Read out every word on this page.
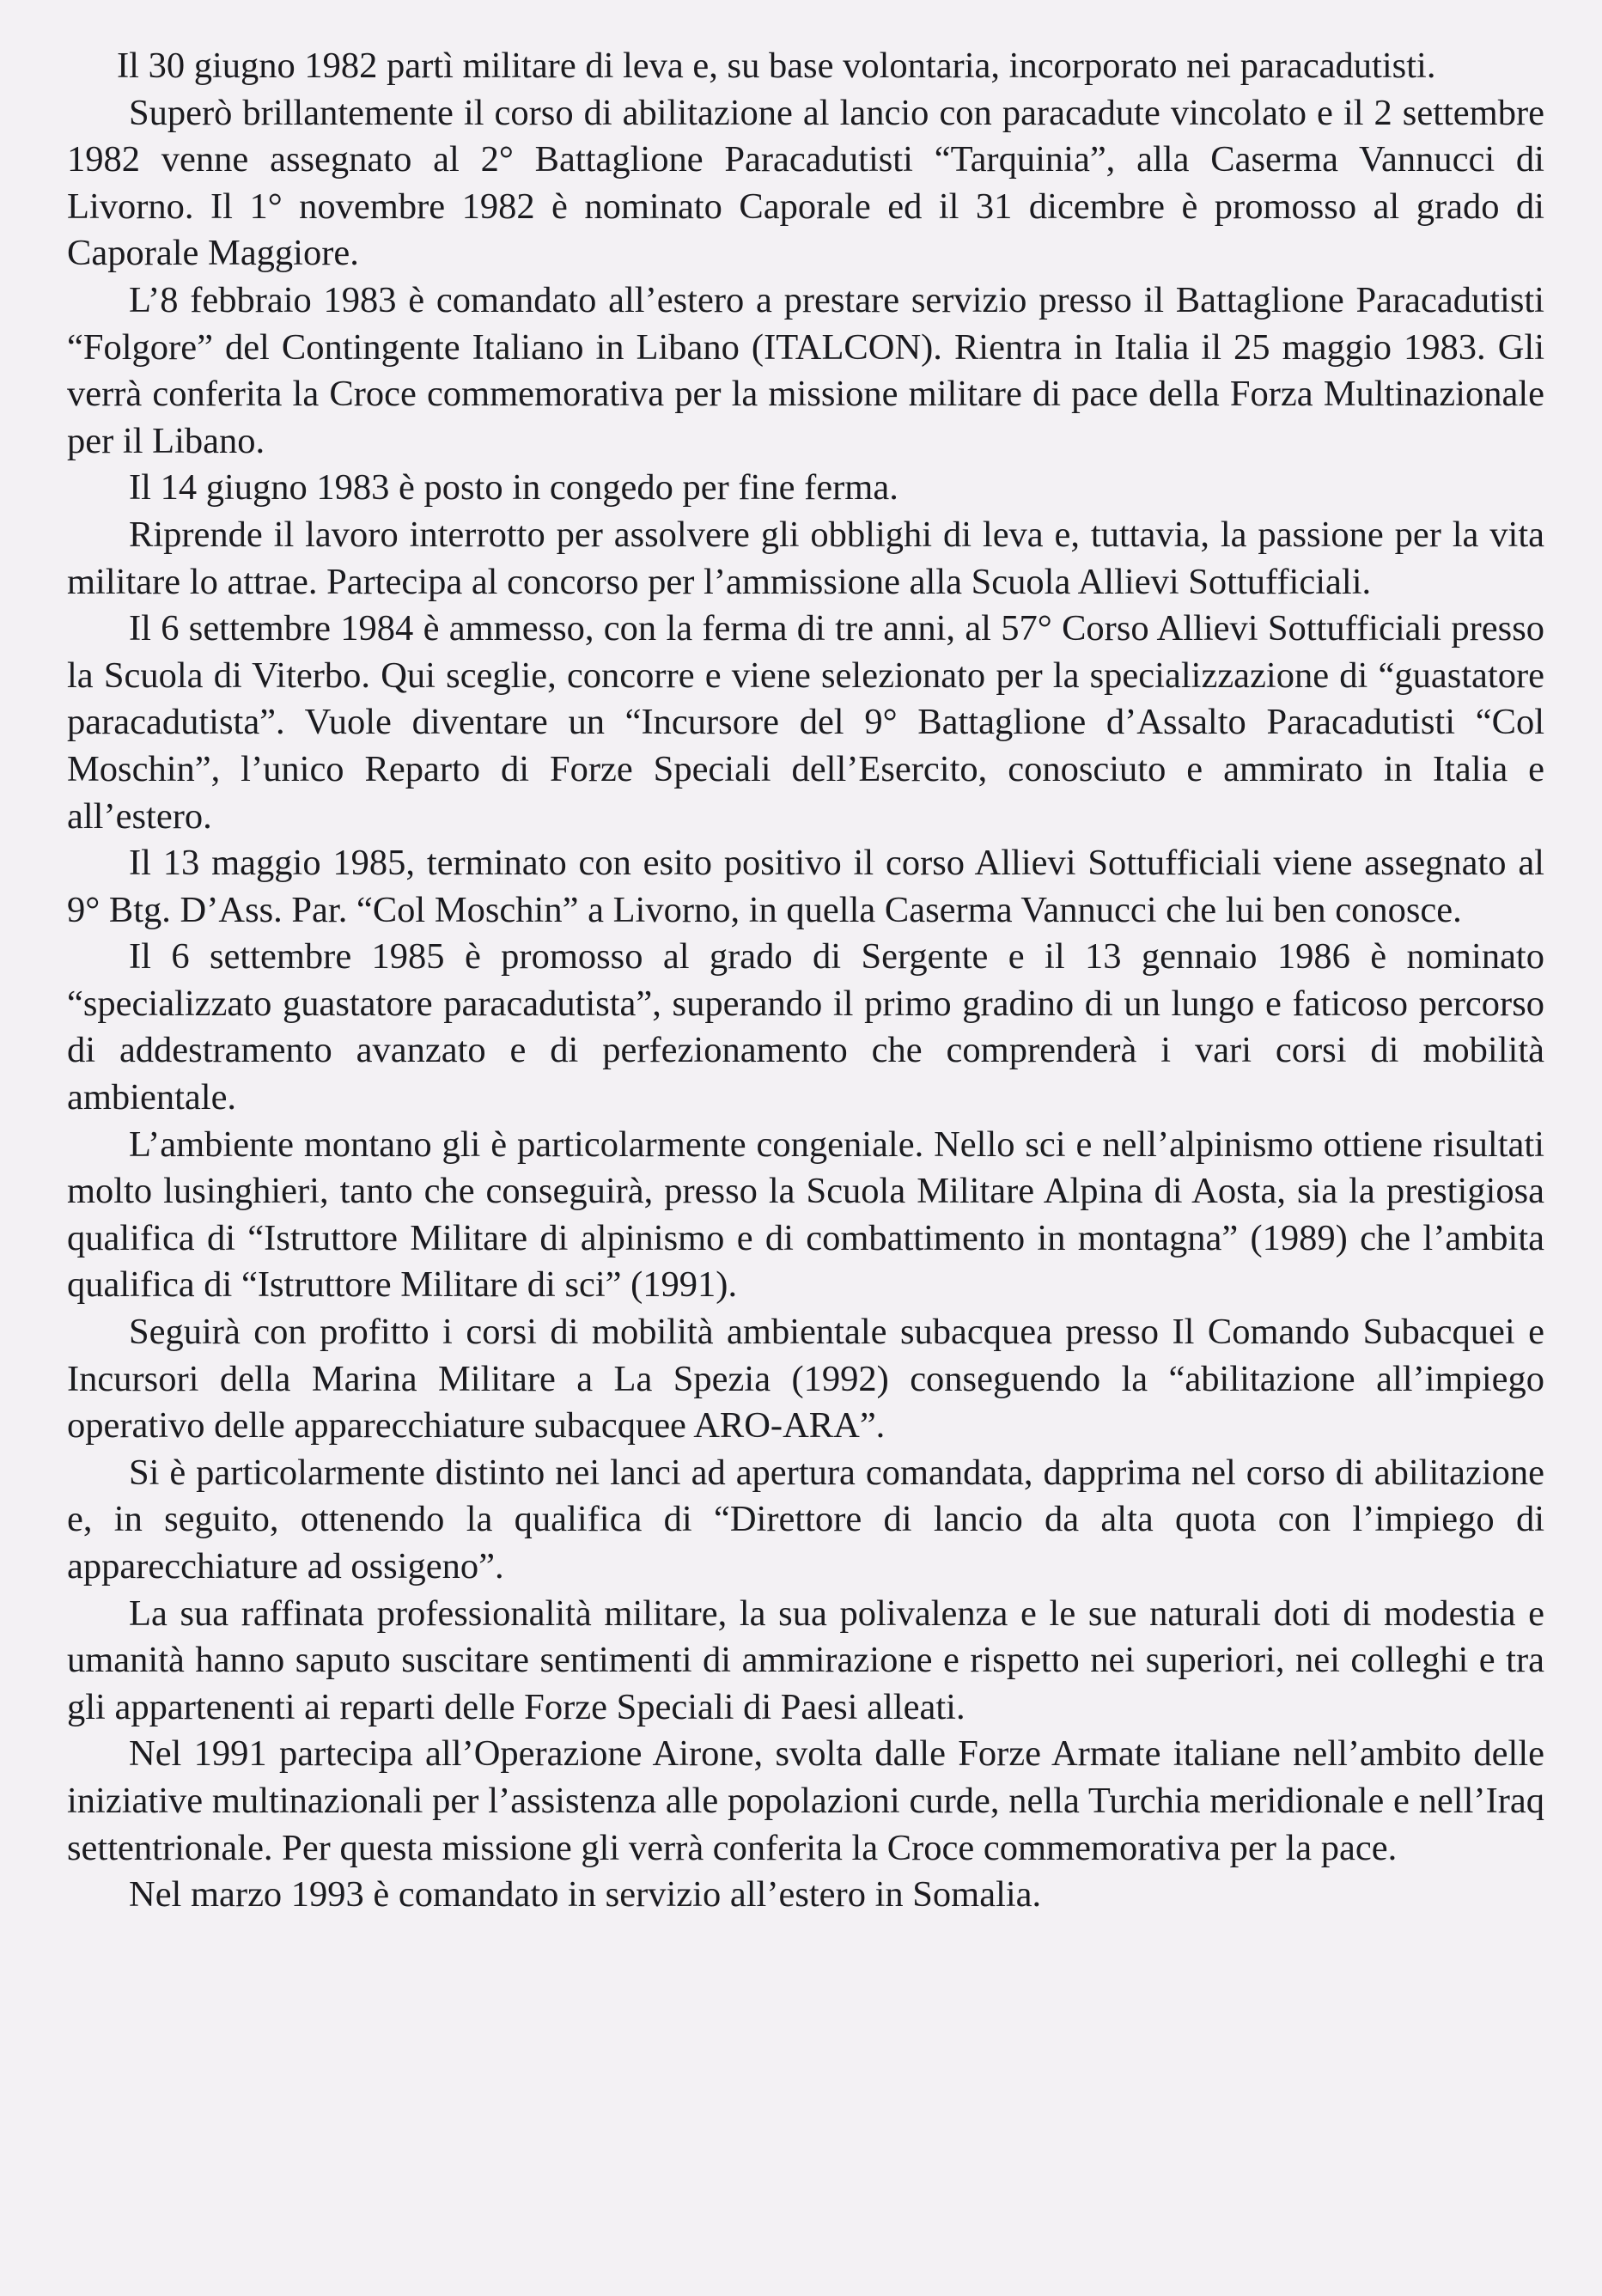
Il 30 giugno 1982 partì militare di leva e, su base volontaria, incorporato nei paracadutisti.

Superò brillantemente il corso di abilitazione al lancio con paracadute vincolato e il 2 settembre 1982 venne assegnato al 2° Battaglione Paracadutisti “Tarquinia”, alla Caserma Vannucci di Livorno. Il 1° novembre 1982 è nominato Caporale ed il 31 dicembre è promosso al grado di Caporale Maggiore.

L’8 febbraio 1983 è comandato all’estero a prestare servizio presso il Battaglione Paracadutisti “Folgore” del Contingente Italiano in Libano (ITALCON). Rientra in Italia il 25 maggio 1983. Gli verrà conferita la Croce commemorativa per la missione militare di pace della Forza Multinazionale per il Libano.

Il 14 giugno 1983 è posto in congedo per fine ferma.

Riprende il lavoro interrotto per assolvere gli obblighi di leva e, tuttavia, la passione per la vita militare lo attrae. Partecipa al concorso per l’ammissione alla Scuola Allievi Sottufficiali.

Il 6 settembre 1984 è ammesso, con la ferma di tre anni, al 57° Corso Allievi Sottufficiali presso la Scuola di Viterbo. Qui sceglie, concorre e viene selezionato per la specializzazione di “guastatore paracadutista”. Vuole diventare un “Incursore del 9° Battaglione d’Assalto Paracadutisti “Col Moschin”, l’unico Reparto di Forze Speciali dell’Esercito, conosciuto e ammirato in Italia e all’estero.

Il 13 maggio 1985, terminato con esito positivo il corso Allievi Sottufficiali viene assegnato al 9° Btg. D’Ass. Par. “Col Moschin” a Livorno, in quella Caserma Vannucci che lui ben conosce.

Il 6 settembre 1985 è promosso al grado di Sergente e il 13 gennaio 1986 è nominato “specializzato guastatore paracadutista”, superando il primo gradino di un lungo e faticoso percorso di addestramento avanzato e di perfezionamento che comprenderà i vari corsi di mobilità ambientale.

L’ambiente montano gli è particolarmente congeniale. Nello sci e nell’alpinismo ottiene risultati molto lusinghieri, tanto che conseguirà, presso la Scuola Militare Alpina di Aosta, sia la prestigiosa qualifica di “Istruttore Militare di alpinismo e di combattimento in montagna” (1989) che l’ambita qualifica di “Istruttore Militare di sci” (1991).

Seguirà con profitto i corsi di mobilità ambientale subacquea presso Il Comando Subacquei e Incursori della Marina Militare a La Spezia (1992) conseguendo la “abilitazione all’impiego operativo delle apparecchiature subacquee ARO-ARA”.

Si è particolarmente distinto nei lanci ad apertura comandata, dapprima nel corso di abilitazione e, in seguito, ottenendo la qualifica di “Direttore di lancio da alta quota con l’impiego di apparecchiature ad ossigeno”.

La sua raffinata professionalità militare, la sua polivalenza e le sue naturali doti di modestia e umanità hanno saputo suscitare sentimenti di ammirazione e rispetto nei superiori, nei colleghi e tra gli appartenenti ai reparti delle Forze Speciali di Paesi alleati.

Nel 1991 partecipa all’Operazione Airone, svolta dalle Forze Armate italiane nell’ambito delle iniziative multinazionali per l’assistenza alle popolazioni curde, nella Turchia meridionale e nell’Iraq settentrionale. Per questa missione gli verrà conferita la Croce commemorativa per la pace.

Nel marzo 1993 è comandato in servizio all’estero in Somalia.
